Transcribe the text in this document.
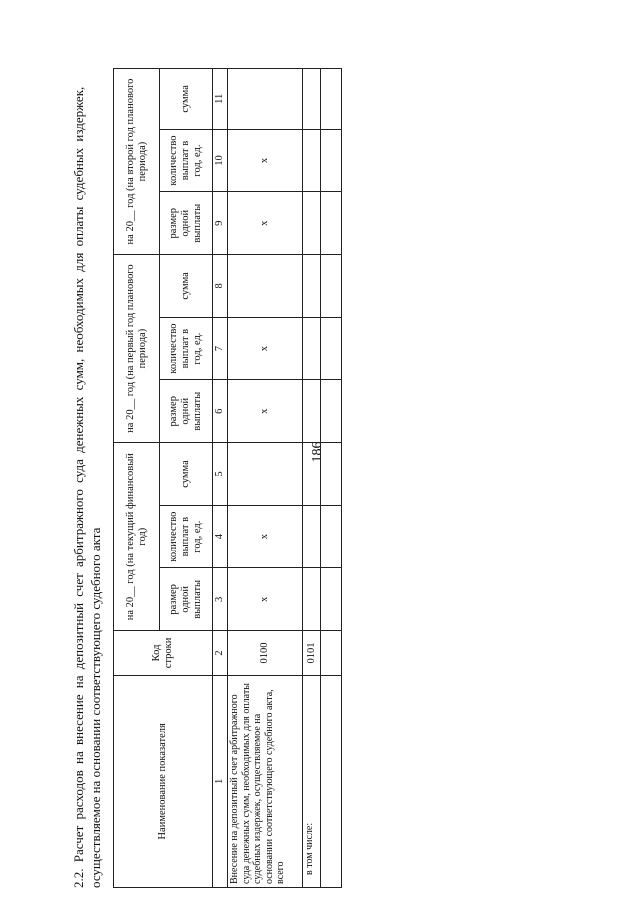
186
2.2. Расчет расходов на внесение на депозитный счет арбитражного суда денежных сумм, необходимых для оплаты судебных издержек, осуществляемое на основании соответствующего судебного акта	Наименование показателя	Код строки	на 20__ год (на текущий финансовый год)			на 20__ год (на первый год планового периода)			на 20__ год (на второй год планового периода)		
		размер одной выплаты	количество выплат в год, ед.	сумма	размер одной выплаты	количество выплат в год, ед.	сумма	размер одной выплаты	количество выплат в год, ед.	сумма
1	2	3	4	5	6	7	8	9	10	11
Внесение на депозитный счет арбитражного суда денежных сумм, необходимых для оплаты судебных издержек, осуществляемое на основании соответствующего судебного акта, всего	0100	x	x		x	x		x	x	
в том числе:	0101									
